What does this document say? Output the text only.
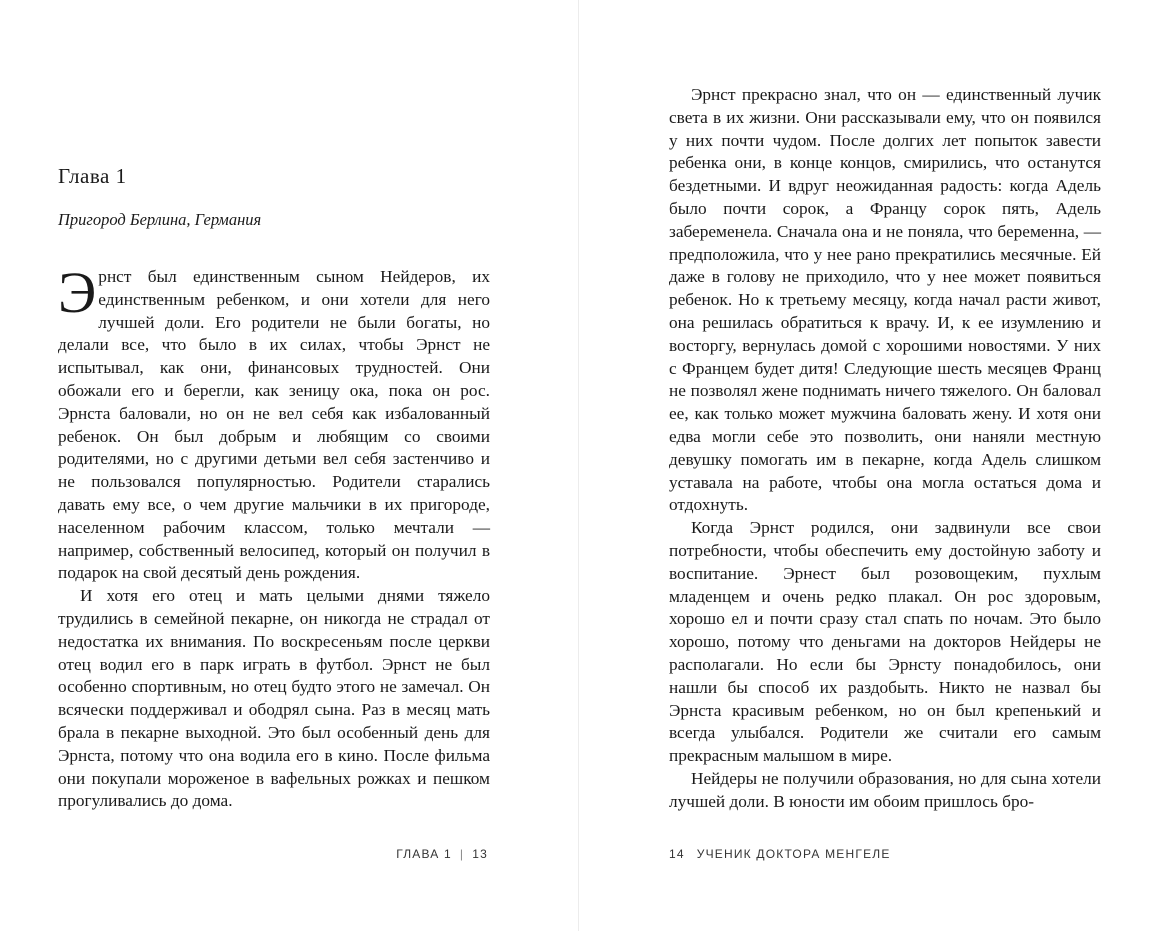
Глава 1
Пригород Берлина, Германия

Эрнст был единственным сыном Нейдеров, их единственным ребенком, и они хотели для него лучшей доли. Его родители не были богаты, но делали все, что было в их силах, чтобы Эрнст не испытывал, как они, финансовых трудностей. Они обожали его и берегли, как зеницу ока, пока он рос. Эрнста баловали, но он не вел себя как избалованный ребенок. Он был добрым и любящим со своими родителями, но с другими детьми вел себя застенчиво и не пользовался популярностью. Родители старались давать ему все, о чем другие мальчики в их пригороде, населенном рабочим классом, только мечтали — например, собственный велосипед, который он получил в подарок на свой десятый день рождения.

И хотя его отец и мать целыми днями тяжело трудились в семейной пекарне, он никогда не страдал от недостатка их внимания. По воскресеньям после церкви отец водил его в парк играть в футбол. Эрнст не был особенно спортивным, но отец будто этого не замечал. Он всячески поддерживал и ободрял сына. Раз в месяц мать брала в пекарне выходной. Это был особенный день для Эрнста, потому что она водила его в кино. После фильма они покупали мороженое в вафельных рожках и пешком прогуливались до дома.

ГЛАВА 1 | 13

Эрнст прекрасно знал, что он — единственный лучик света в их жизни. Они рассказывали ему, что он появился у них почти чудом. После долгих лет попыток завести ребенка они, в конце концов, смирились, что останутся бездетными. И вдруг неожиданная радость: когда Адель было почти сорок, а Францу сорок пять, Адель забеременела. Сначала она и не поняла, что беременна, — предположила, что у нее рано прекратились месячные. Ей даже в голову не приходило, что у нее может появиться ребенок. Но к третьему месяцу, когда начал расти живот, она решилась обратиться к врачу. И, к ее изумлению и восторгу, вернулась домой с хорошими новостями. У них с Францем будет дитя! Следующие шесть месяцев Франц не позволял жене поднимать ничего тяжелого. Он баловал ее, как только может мужчина баловать жену. И хотя они едва могли себе это позволить, они наняли местную девушку помогать им в пекарне, когда Адель слишком уставала на работе, чтобы она могла остаться дома и отдохнуть.

Когда Эрнст родился, они задвинули все свои потребности, чтобы обеспечить ему достойную заботу и воспитание. Эрнест был розовощеким, пухлым младенцем и очень редко плакал. Он рос здоровым, хорошо ел и почти сразу стал спать по ночам. Это было хорошо, потому что деньгами на докторов Нейдеры не располагали. Но если бы Эрнсту понадобилось, они нашли бы способ их раздобыть. Никто не назвал бы Эрнста красивым ребенком, но он был крепенький и всегда улыбался. Родители же считали его самым прекрасным малышом в мире.

Нейдеры не получили образования, но для сына хотели лучшей доли. В юности им обоим пришлось бро-

14 УЧЕНИК ДОКТОРА МЕНГЕЛЕ
